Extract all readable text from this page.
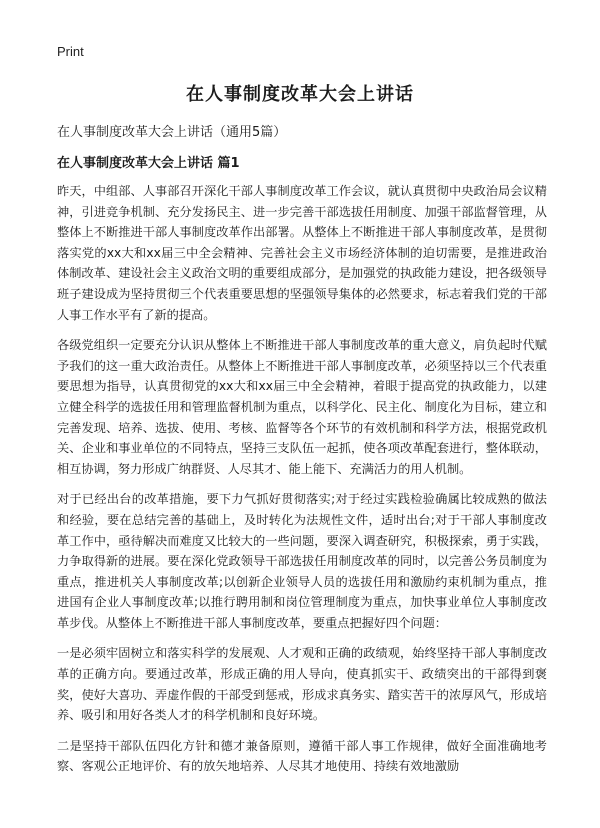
Print
在人事制度改革大会上讲话
在人事制度改革大会上讲话（通用5篇）
在人事制度改革大会上讲话 篇1

昨天，中组部、人事部召开深化干部人事制度改革工作会议，就认真贯彻中央政治局会议精神，引进竞争机制、充分发扬民主、进一步完善干部选拔任用制度、加强干部监督管理，从整体上不断推进干部人事制度改革作出部署。从整体上不断推进干部人事制度改革，是贯彻落实党的xx大和xx届三中全会精神、完善社会主义市场经济体制的迫切需要，是推进政治体制改革、建设社会主义政治文明的重要组成部分，是加强党的执政能力建设，把各级领导班子建设成为坚持贯彻三个代表重要思想的坚强领导集体的必然要求，标志着我们党的干部人事工作水平有了新的提高。

各级党组织一定要充分认识从整体上不断推进干部人事制度改革的重大意义，肩负起时代赋予我们的这一重大政治责任。从整体上不断推进干部人事制度改革，必须坚持以三个代表重要思想为指导，认真贯彻党的xx大和xx届三中全会精神，着眼于提高党的执政能力，以建立健全科学的选拔任用和管理监督机制为重点，以科学化、民主化、制度化为目标，建立和完善发现、培养、选拔、使用、考核、监督等各个环节的有效机制和科学方法，根据党政机关、企业和事业单位的不同特点，坚持三支队伍一起抓，使各项改革配套进行，整体联动，相互协调，努力形成广纳群贤、人尽其才、能上能下、充满活力的用人机制。

对于已经出台的改革措施，要下力气抓好贯彻落实;对于经过实践检验确属比较成熟的做法和经验，要在总结完善的基础上，及时转化为法规性文件，适时出台;对于干部人事制度改革工作中，亟待解决而难度又比较大的一些问题，要深入调查研究，积极探索，勇于实践，力争取得新的进展。要在深化党政领导干部选拔任用制度改革的同时，以完善公务员制度为重点，推进机关人事制度改革;以创新企业领导人员的选拔任用和激励约束机制为重点，推进国有企业人事制度改革;以推行聘用制和岗位管理制度为重点，加快事业单位人事制度改革步伐。从整体上不断推进干部人事制度改革，要重点把握好四个问题：

一是必须牢固树立和落实科学的发展观、人才观和正确的政绩观，始终坚持干部人事制度改革的正确方向。要通过改革，形成正确的用人导向，使真抓实干、政绩突出的干部得到褒奖，使好大喜功、弄虚作假的干部受到惩戒，形成求真务实、踏实苦干的浓厚风气，形成培养、吸引和用好各类人才的科学机制和良好环境。

二是坚持干部队伍四化方针和德才兼备原则，遵循干部人事工作规律，做好全面准确地考察、客观公正地评价、有的放矢地培养、人尽其才地使用、持续有效地激励
